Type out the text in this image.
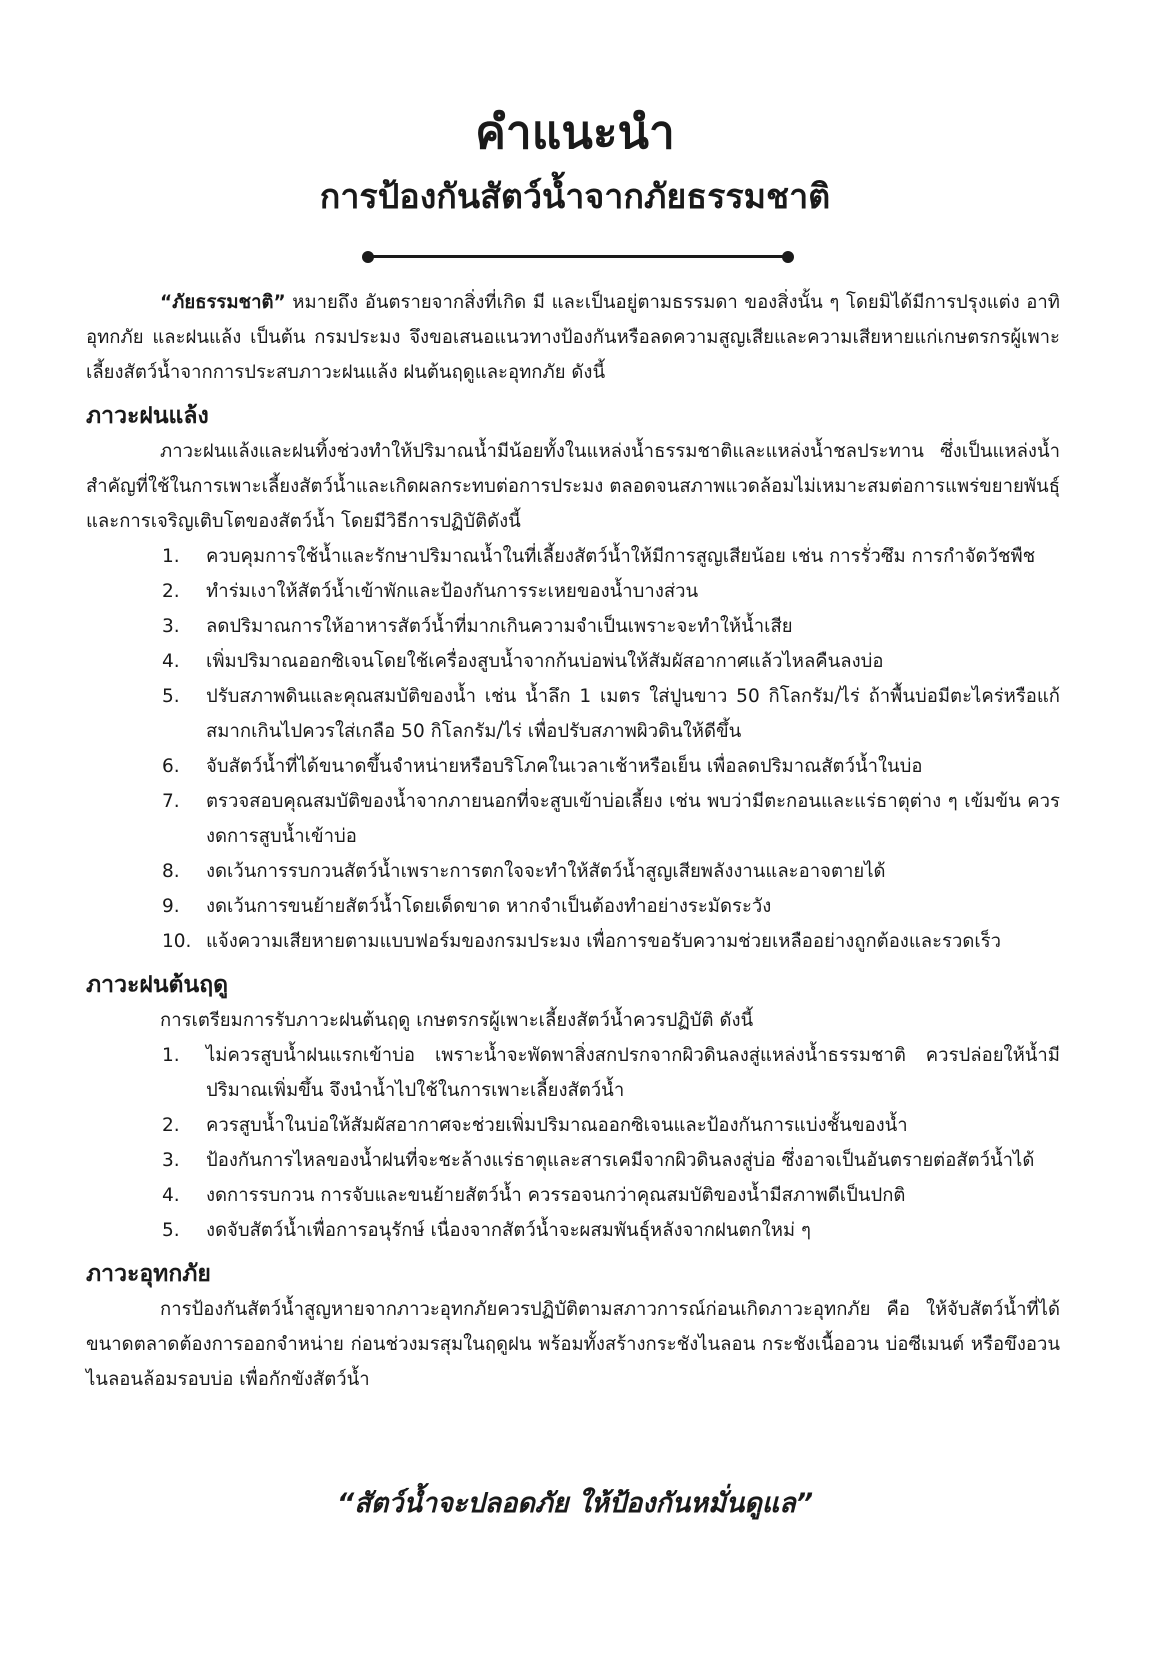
คำแนะนำ
การป้องกันสัตว์น้ำจากภัยธรรมชาติ

“ภัยธรรมชาติ” หมายถึง อันตรายจากสิ่งที่เกิด มี และเป็นอยู่ตามธรรมดา ของสิ่งนั้น ๆ โดยมิได้มีการปรุงแต่ง อาทิ อุทกภัย และฝนแล้ง เป็นต้น กรมประมง จึงขอเสนอแนวทางป้องกันหรือลดความสูญเสียและความเสียหายแก่เกษตรกรผู้เพาะเลี้ยงสัตว์น้ำจากการประสบภาวะฝนแล้ง ฝนต้นฤดูและอุทกภัย ดังนี้

ภาวะฝนแล้ง

ภาวะฝนแล้งและฝนทิ้งช่วงทำให้ปริมาณน้ำมีน้อยทั้งในแหล่งน้ำธรรมชาติและแหล่งน้ำชลประทาน ซึ่งเป็นแหล่งน้ำสำคัญที่ใช้ในการเพาะเลี้ยงสัตว์น้ำและเกิดผลกระทบต่อการประมง ตลอดจนสภาพแวดล้อมไม่เหมาะสมต่อการแพร่ขยายพันธุ์และการเจริญเติบโตของสัตว์น้ำ โดยมีวิธีการปฏิบัติดังนี้

1. ควบคุมการใช้น้ำและรักษาปริมาณน้ำในที่เลี้ยงสัตว์น้ำให้มีการสูญเสียน้อย เช่น การรั่วซึม การกำจัดวัชพืช
2. ทำร่มเงาให้สัตว์น้ำเข้าพักและป้องกันการระเหยของน้ำบางส่วน
3. ลดปริมาณการให้อาหารสัตว์น้ำที่มากเกินความจำเป็นเพราะจะทำให้น้ำเสีย
4. เพิ่มปริมาณออกซิเจนโดยใช้เครื่องสูบน้ำจากก้นบ่อพ่นให้สัมผัสอากาศแล้วไหลคืนลงบ่อ
5. ปรับสภาพดินและคุณสมบัติของน้ำ เช่น น้ำลึก 1 เมตร ใส่ปูนขาว 50 กิโลกรัม/ไร่ ถ้าพื้นบ่อมีตะไคร่หรือแก้สมากเกินไปควรใส่เกลือ 50 กิโลกรัม/ไร่ เพื่อปรับสภาพผิวดินให้ดีขึ้น
6. จับสัตว์น้ำที่ได้ขนาดขึ้นจำหน่ายหรือบริโภคในเวลาเช้าหรือเย็น เพื่อลดปริมาณสัตว์น้ำในบ่อ
7. ตรวจสอบคุณสมบัติของน้ำจากภายนอกที่จะสูบเข้าบ่อเลี้ยง เช่น พบว่ามีตะกอนและแร่ธาตุต่าง ๆ เข้มข้น ควรงดการสูบน้ำเข้าบ่อ
8. งดเว้นการรบกวนสัตว์น้ำเพราะการตกใจจะทำให้สัตว์น้ำสูญเสียพลังงานและอาจตายได้
9. งดเว้นการขนย้ายสัตว์น้ำโดยเด็ดขาด หากจำเป็นต้องทำอย่างระมัดระวัง
10. แจ้งความเสียหายตามแบบฟอร์มของกรมประมง เพื่อการขอรับความช่วยเหลืออย่างถูกต้องและรวดเร็ว
ภาวะฝนต้นฤดู

การเตรียมการรับภาวะฝนต้นฤดู เกษตรกรผู้เพาะเลี้ยงสัตว์น้ำควรปฏิบัติ ดังนี้

1. ไม่ควรสูบน้ำฝนแรกเข้าบ่อ เพราะน้ำจะพัดพาสิ่งสกปรกจากผิวดินลงสู่แหล่งน้ำธรรมชาติ ควรปล่อยให้น้ำมีปริมาณเพิ่มขึ้น จึงนำน้ำไปใช้ในการเพาะเลี้ยงสัตว์น้ำ
2. ควรสูบน้ำในบ่อให้สัมผัสอากาศจะช่วยเพิ่มปริมาณออกซิเจนและป้องกันการแบ่งชั้นของน้ำ
3. ป้องกันการไหลของน้ำฝนที่จะชะล้างแร่ธาตุและสารเคมีจากผิวดินลงสู่บ่อ ซึ่งอาจเป็นอันตรายต่อสัตว์น้ำได้
4. งดการรบกวน การจับและขนย้ายสัตว์น้ำ ควรรอจนกว่าคุณสมบัติของน้ำมีสภาพดีเป็นปกติ
5. งดจับสัตว์น้ำเพื่อการอนุรักษ์ เนื่องจากสัตว์น้ำจะผสมพันธุ์หลังจากฝนตกใหม่ ๆ
ภาวะอุทกภัย

การป้องกันสัตว์น้ำสูญหายจากภาวะอุทกภัยควรปฏิบัติตามสภาวการณ์ก่อนเกิดภาวะอุทกภัย คือ ให้จับสัตว์น้ำที่ได้ขนาดตลาดต้องการออกจำหน่าย ก่อนช่วงมรสุมในฤดูฝน พร้อมทั้งสร้างกระชังไนลอน กระชังเนื้ออวน บ่อซีเมนต์ หรือขึงอวนไนลอนล้อมรอบบ่อ เพื่อกักขังสัตว์น้ำ

“สัตว์น้ำจะปลอดภัย ให้ป้องกันหมั่นดูแล”
